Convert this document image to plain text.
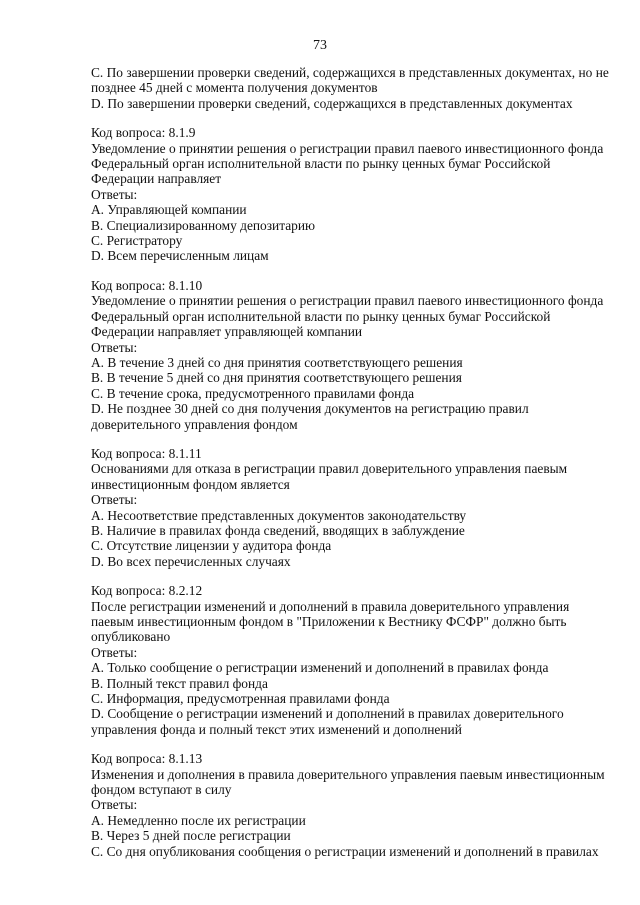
73

С. По завершении проверки сведений, содержащихся в представленных документах, но не

позднее 45 дней с момента получения документов

D. По завершении проверки сведений, содержащихся в представленных документах

Код вопроса: 8.1.9

Уведомление о принятии решения о регистрации правил паевого инвестиционного фонда

Федеральный орган исполнительной власти по рынку ценных бумаг Российской

Федерации направляет

Ответы:

А. Управляющей компании

В. Специализированному депозитарию

С. Регистратору

D. Всем перечисленным лицам

Код вопроса: 8.1.10

Уведомление о принятии решения о регистрации правил паевого инвестиционного фонда

Федеральный орган исполнительной власти по рынку ценных бумаг Российской

Федерации направляет управляющей компании

Ответы:

А. В течение 3 дней со дня принятия соответствующего решения

В. В течение 5 дней со дня принятия соответствующего решения

С. В течение срока, предусмотренного правилами фонда

D. Не позднее 30 дней со дня получения документов на регистрацию правил

доверительного управления фондом

Код вопроса: 8.1.11

Основаниями для отказа в регистрации правил доверительного управления паевым

инвестиционным фондом является

Ответы:

А. Несоответствие представленных документов законодательству

В. Наличие в правилах фонда сведений, вводящих в заблуждение

С. Отсутствие лицензии у аудитора фонда

D. Во всех перечисленных случаях

Код вопроса: 8.2.12

После регистрации изменений и дополнений в правила доверительного управления

паевым инвестиционным фондом в "Приложении к Вестнику ФСФР" должно быть

опубликовано

Ответы:

А. Только сообщение о регистрации изменений и дополнений в правилах фонда

В. Полный текст правил фонда

С. Информация, предусмотренная правилами фонда

D. Сообщение о регистрации изменений и дополнений в правилах доверительного

управления фонда и полный текст этих изменений и дополнений

Код вопроса: 8.1.13

Изменения и дополнения в правила доверительного управления паевым инвестиционным

фондом вступают в силу

Ответы:

А. Немедленно после их регистрации

В. Через 5 дней после регистрации

С. Со дня опубликования сообщения о регистрации изменений и дополнений в правилах
